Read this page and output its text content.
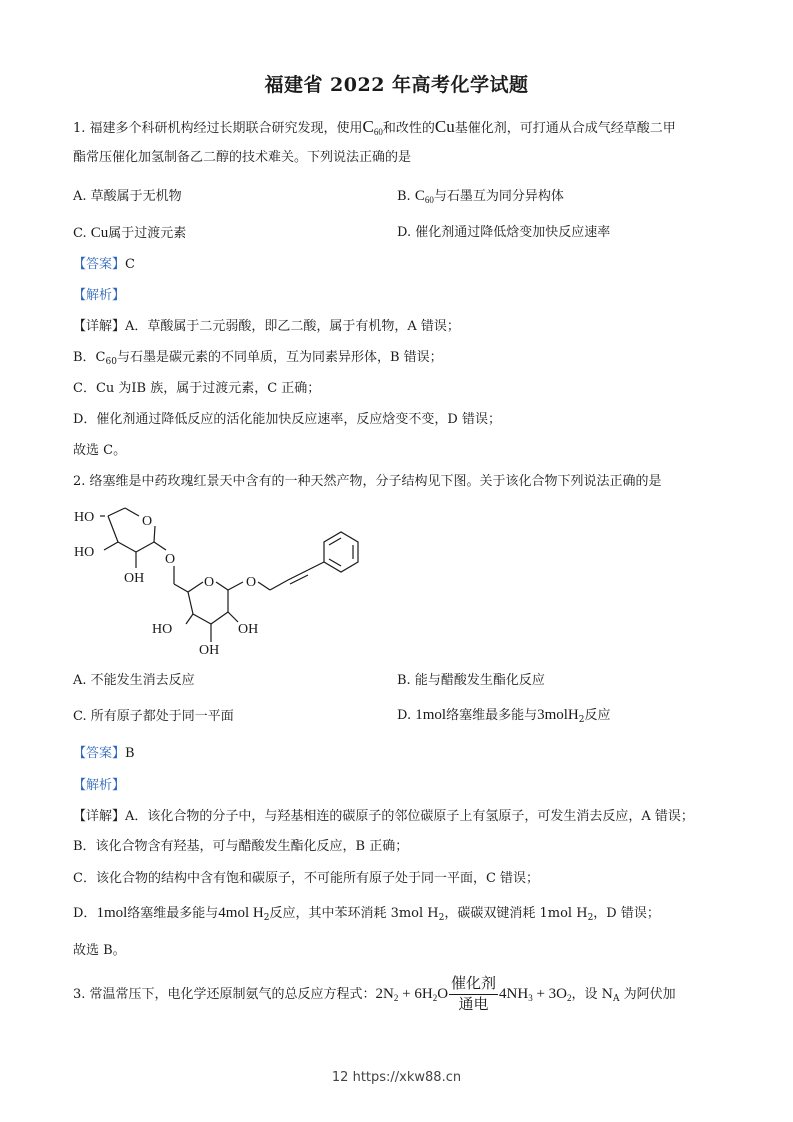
福建省 2022 年高考化学试题
1. 福建多个科研机构经过长期联合研究发现，使用$C_{60}$和改性的Cu基催化剂，可打通从合成气经草酸二甲
酯常压催化加氢制备乙二醇的技术难关。下列说法正确的是
A. 草酸属于无机物	B. $C_{60}$与石墨互为同分异构体
C. Cu属于过渡元素	D. 催化剂通过降低焓变加快反应速率
【答案】C
【解析】
【详解】A．草酸属于二元弱酸，即乙二酸，属于有机物，A 错误；
B．$C_{60}$与石墨是碳元素的不同单质，互为同素异形体，B 错误；
C．Cu 为IB 族，属于过渡元素，C 正确；
D．催化剂通过降低反应的活化能加快反应速率，反应焓变不变，D 错误；
故选 C。
2. 络塞维是中药玫瑰红景天中含有的一种天然产物，分子结构见下图。关于该化合物下列说法正确的是
HO	O
HO
OH
O
O O
HO	OH
OH
A. 不能发生消去反应	B. 能与醋酸发生酯化反应
C. 所有原子都处于同一平面	D. 1mol络塞维最多能与3molH$_2$反应
【答案】B
【解析】
【详解】A．该化合物的分子中，与羟基相连的碳原子的邻位碳原子上有氢原子，可发生消去反应，A 错误；
B．该化合物含有羟基，可与醋酸发生酯化反应，B 正确；
C．该化合物的结构中含有饱和碳原子，不可能所有原子处于同一平面，C 错误；
D．1mol络塞维最多能与4mol $H_2$反应，其中苯环消耗 3mol $H_2$，碳碳双键消耗 1mol $H_2$，D 错误；
故选 B。
3. 常温常压下，电化学还原制氨气的总反应方程式：$2N_2 + 6H_2O \frac{\text{催化剂}}{\text{通电}} 4NH_3 + 3O_2$，设 $N_A$ 为阿伏加
12 https://xkw88.cn
